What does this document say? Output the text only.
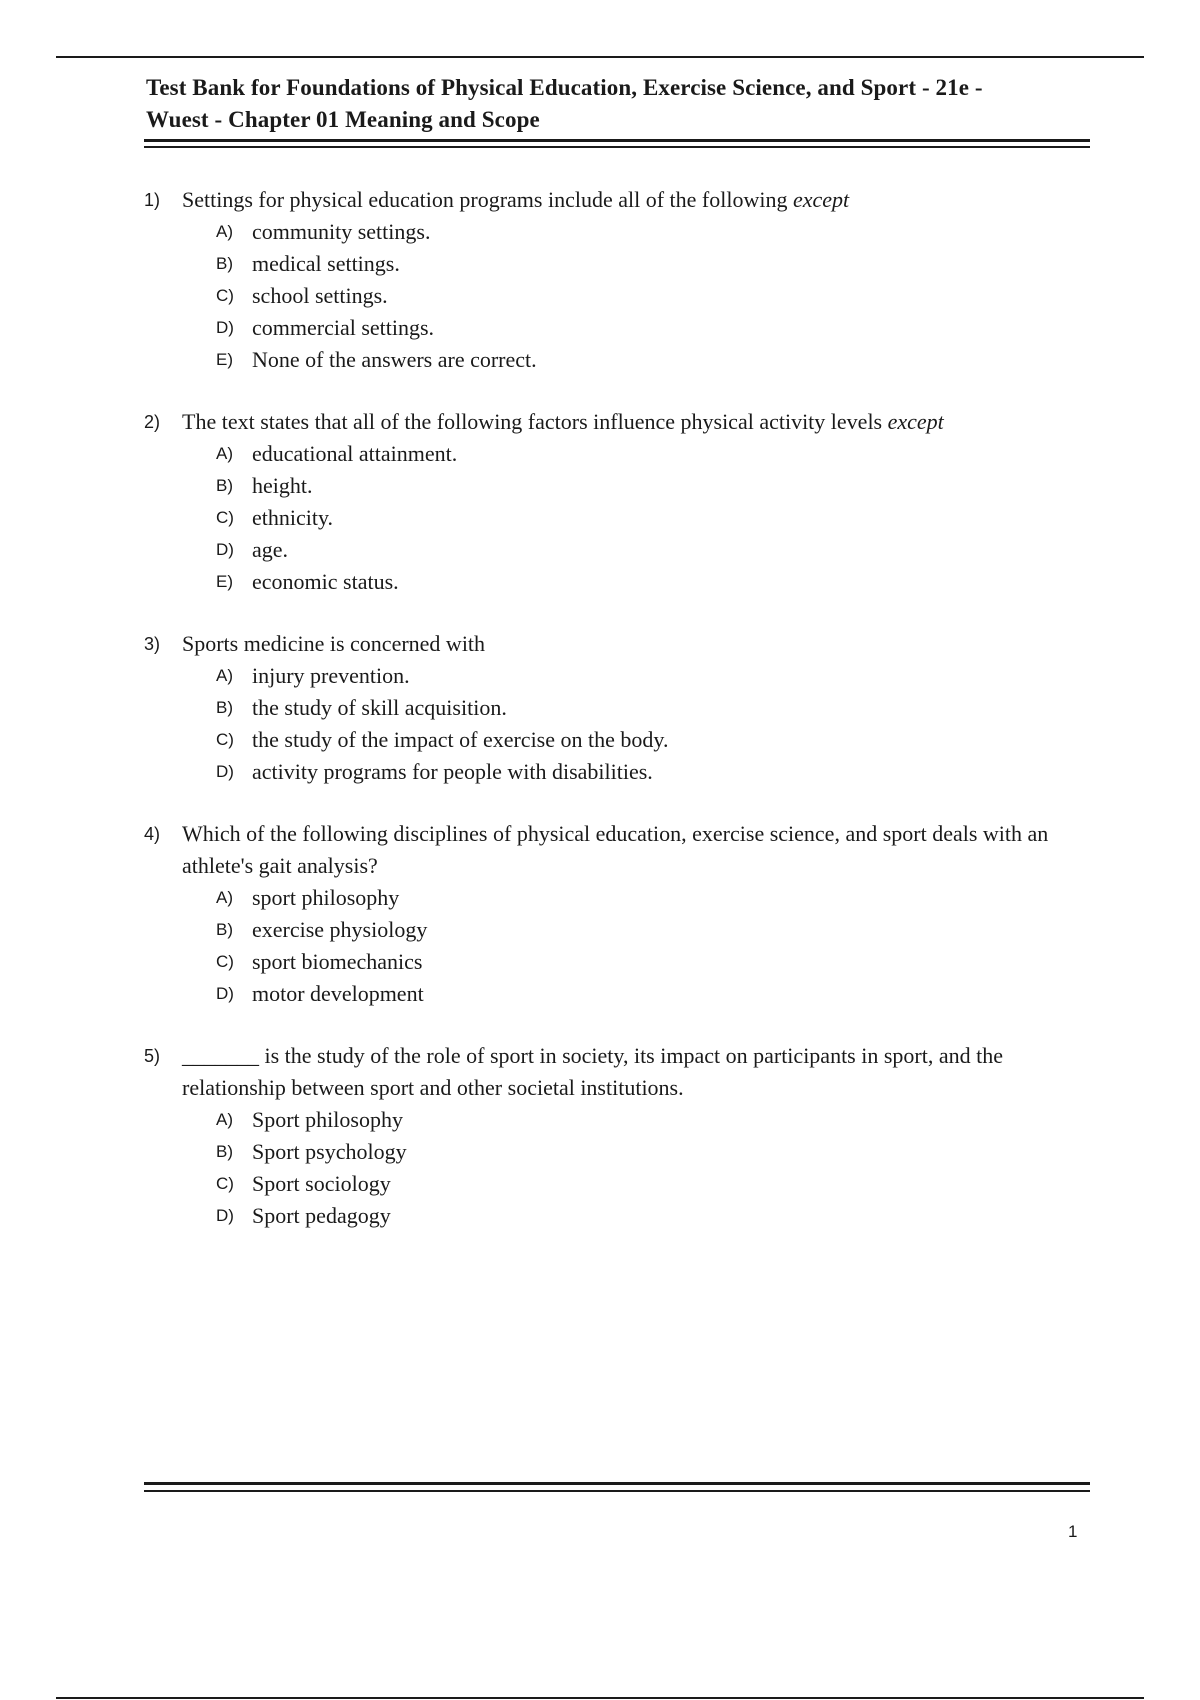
Test Bank for Foundations of Physical Education, Exercise Science, and Sport - 21e -
Wuest - Chapter 01 Meaning and Scope
1) Settings for physical education programs include all of the following except
A) community settings.
B) medical settings.
C) school settings.
D) commercial settings.
E) None of the answers are correct.
2) The text states that all of the following factors influence physical activity levels except
A) educational attainment.
B) height.
C) ethnicity.
D) age.
E) economic status.
3) Sports medicine is concerned with
A) injury prevention.
B) the study of skill acquisition.
C) the study of the impact of exercise on the body.
D) activity programs for people with disabilities.
4) Which of the following disciplines of physical education, exercise science, and sport deals with an athlete's gait analysis?
A) sport philosophy
B) exercise physiology
C) sport biomechanics
D) motor development
5) _______ is the study of the role of sport in society, its impact on participants in sport, and the relationship between sport and other societal institutions.
A) Sport philosophy
B) Sport psychology
C) Sport sociology
D) Sport pedagogy
1
